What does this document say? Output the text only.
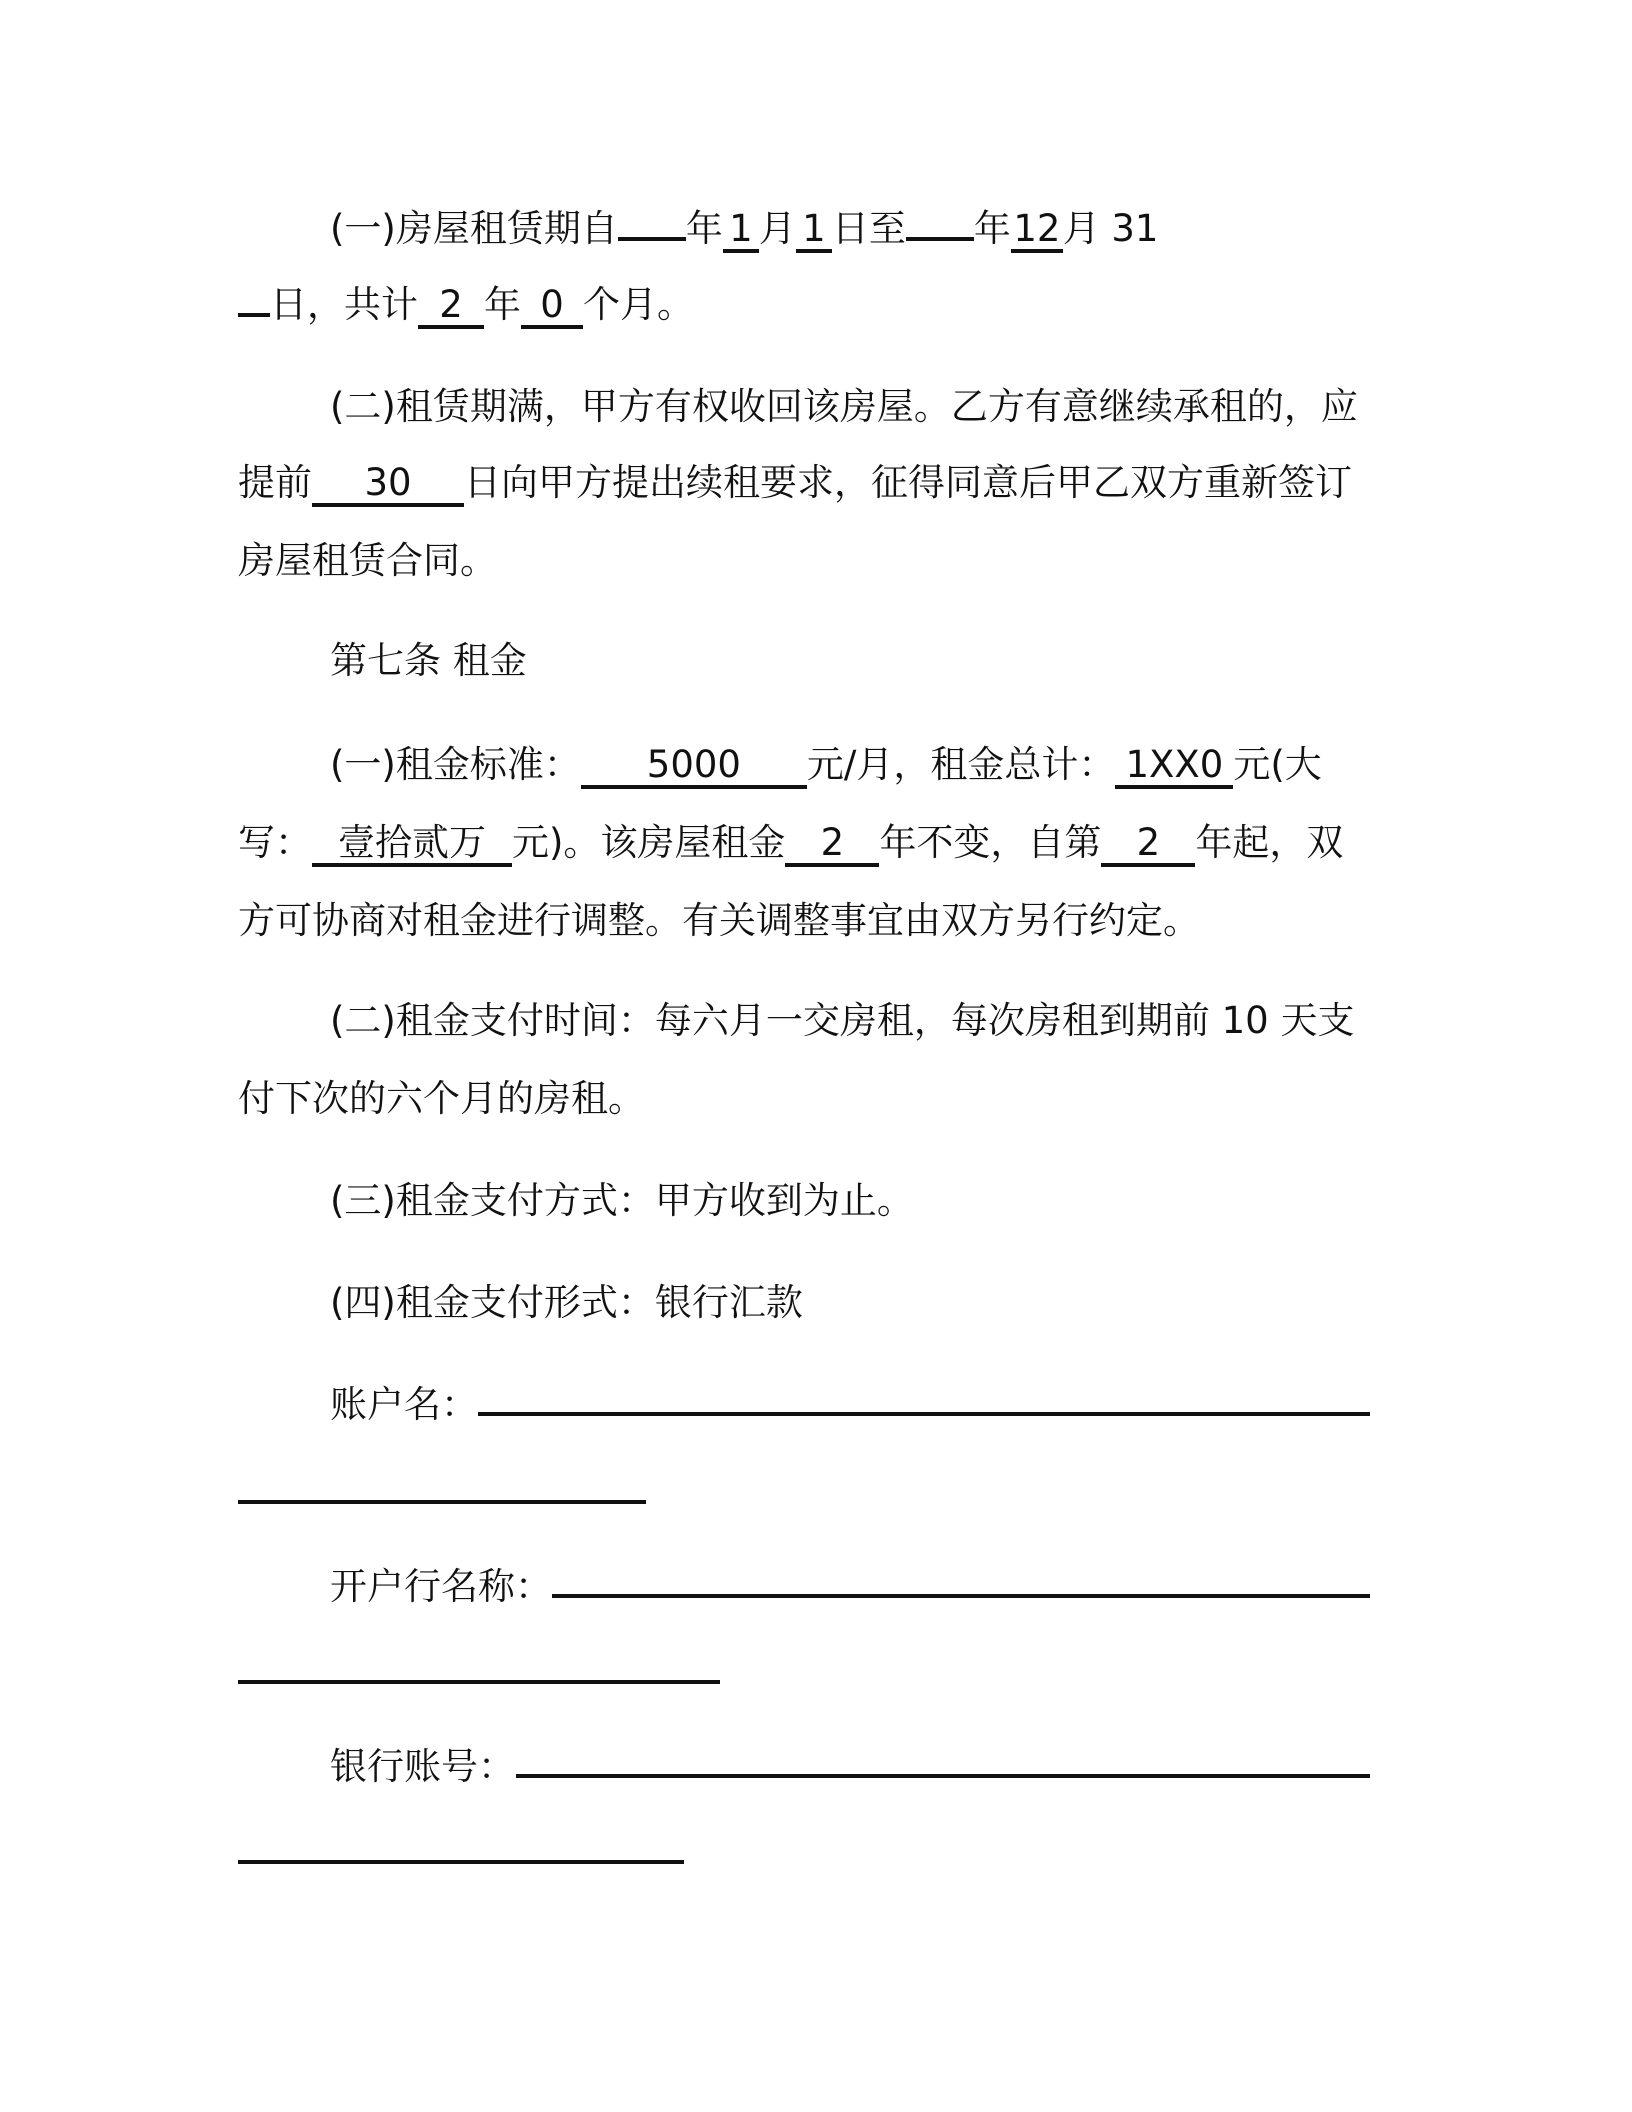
(一)房屋租赁期自 年 1 月 1 日至 年12月 31
日，共计 2 年 0 个月。
(二)租赁期满，甲方有权收回该房屋。乙方有意继续承租的，应
提前 30 日向甲方提出续租要求，征得同意后甲乙双方重新签订
房屋租赁合同。
第七条 租金
(一)租金标准： 5000 元/月，租金总计： 1XX0 元(大
写： 壹拾贰万 元)。该房屋租金 2 年不变，自第 2 年起，双
方可协商对租金进行调整。有关调整事宜由双方另行约定。
(二)租金支付时间：每六月一交房租，每次房租到期前 10 天支
付下次的六个月的房租。
(三)租金支付方式：甲方收到为止。
(四)租金支付形式：银行汇款
账户名：
开户行名称：
银行账号：
